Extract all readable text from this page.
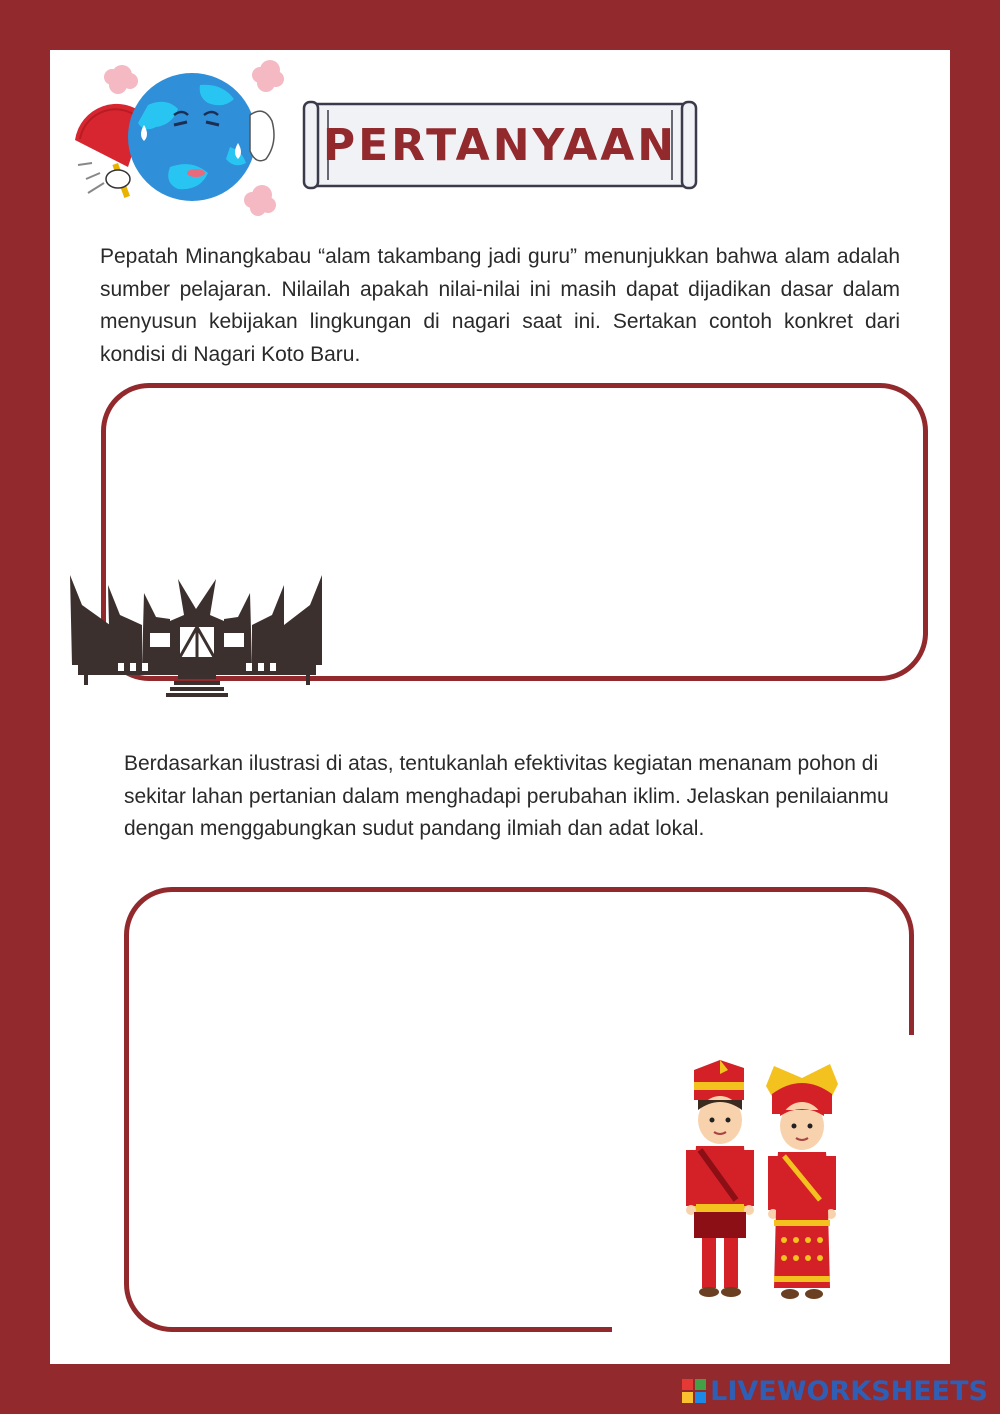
PERTANYAAN
Pepatah Minangkabau “alam takambang jadi guru” menunjukkan bahwa alam adalah sumber pelajaran. Nilailah apakah nilai-nilai ini masih dapat dijadikan dasar dalam menyusun kebijakan lingkungan di nagari saat ini. Sertakan contoh konkret dari kondisi di Nagari Koto Baru.
Berdasarkan ilustrasi di atas, tentukanlah efektivitas kegiatan menanam pohon di sekitar lahan pertanian dalam menghadapi perubahan iklim. Jelaskan penilaianmu dengan menggabungkan sudut pandang ilmiah dan adat lokal.
LIVEWORKSHEETS
